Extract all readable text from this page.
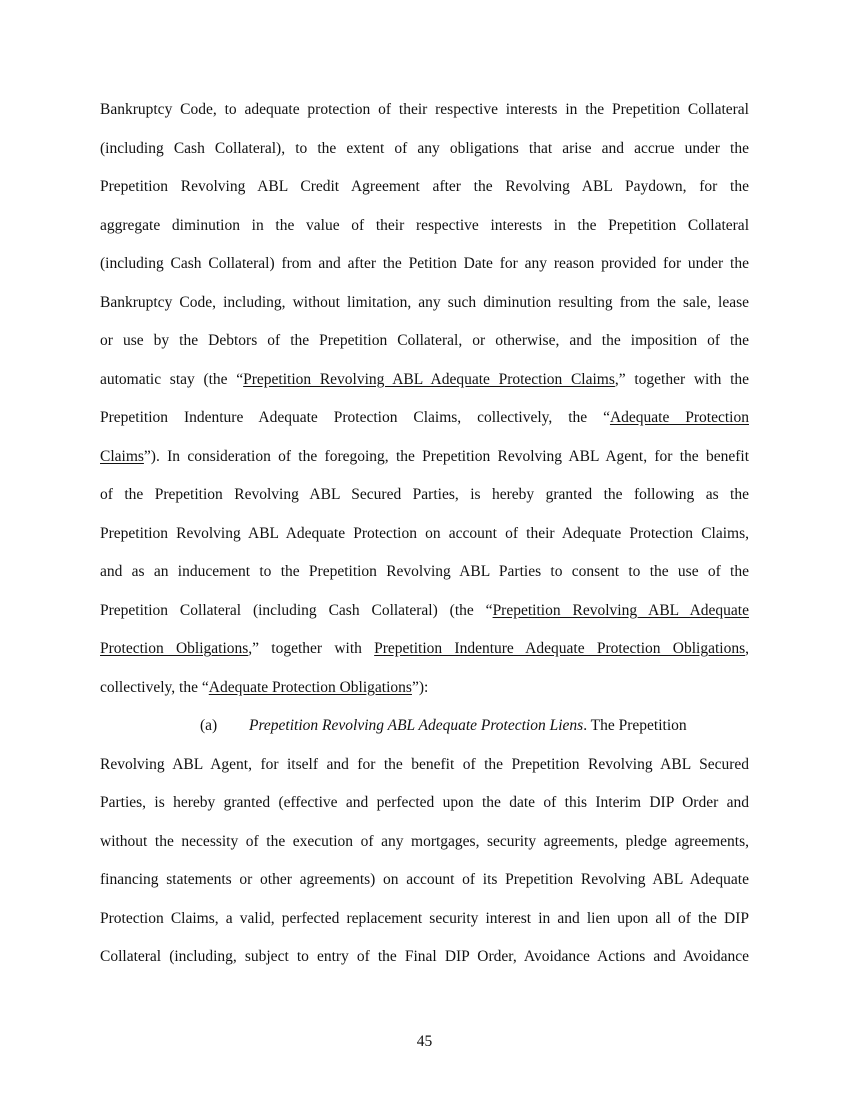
Bankruptcy Code, to adequate protection of their respective interests in the Prepetition Collateral
(including Cash Collateral), to the extent of any obligations that arise and accrue under the
Prepetition Revolving ABL Credit Agreement after the Revolving ABL Paydown, for the
aggregate diminution in the value of their respective interests in the Prepetition Collateral
(including Cash Collateral) from and after the Petition Date for any reason provided for under the
Bankruptcy Code, including, without limitation, any such diminution resulting from the sale, lease
or use by the Debtors of the Prepetition Collateral, or otherwise, and the imposition of the
automatic stay (the “Prepetition Revolving ABL Adequate Protection Claims,” together with the
Prepetition Indenture Adequate Protection Claims, collectively, the “Adequate Protection
Claims”). In consideration of the foregoing, the Prepetition Revolving ABL Agent, for the benefit
of the Prepetition Revolving ABL Secured Parties, is hereby granted the following as the
Prepetition Revolving ABL Adequate Protection on account of their Adequate Protection Claims,
and as an inducement to the Prepetition Revolving ABL Parties to consent to the use of the
Prepetition Collateral (including Cash Collateral) (the “Prepetition Revolving ABL Adequate
Protection Obligations,” together with Prepetition Indenture Adequate Protection Obligations,
collectively, the “Adequate Protection Obligations”):
(a) Prepetition Revolving ABL Adequate Protection Liens. The Prepetition
Revolving ABL Agent, for itself and for the benefit of the Prepetition Revolving ABL Secured
Parties, is hereby granted (effective and perfected upon the date of this Interim DIP Order and
without the necessity of the execution of any mortgages, security agreements, pledge agreements,
financing statements or other agreements) on account of its Prepetition Revolving ABL Adequate
Protection Claims, a valid, perfected replacement security interest in and lien upon all of the DIP
Collateral (including, subject to entry of the Final DIP Order, Avoidance Actions and Avoidance
45
